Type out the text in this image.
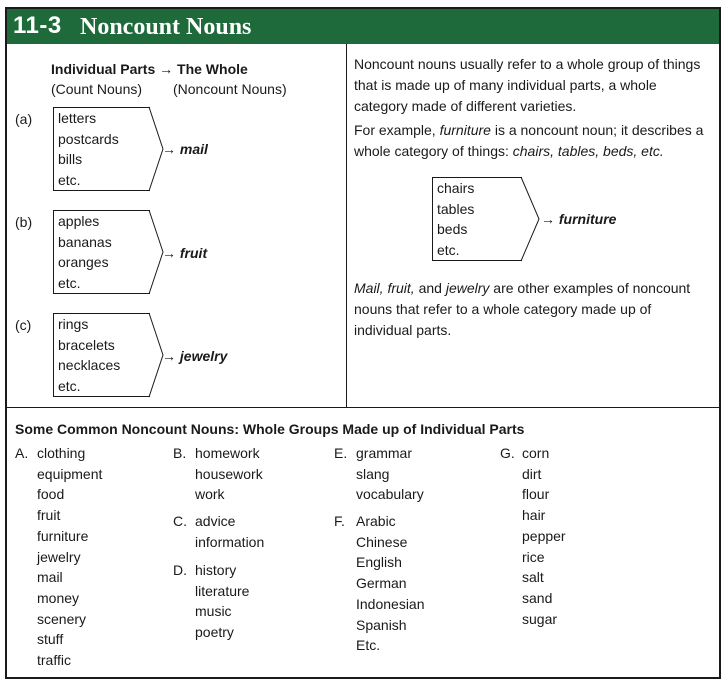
11-3 Noncount Nouns
Individual Parts → The Whole
(Count Nouns) (Noncount Nouns)
(a) letters
postcards
bills
etc.
→ mail
(b) apples
bananas
oranges
etc.
→ fruit
(c) rings
bracelets
necklaces
etc.
→ jewelry
Noncount nouns usually refer to a whole group of things
that is made up of many individual parts, a whole
category made of different varieties.
For example, furniture is a noncount noun; it describes a
whole category of things: chairs, tables, beds, etc.
chairs
tables
beds
etc.
→ furniture
Mail, fruit, and jewelry are other examples of noncount
nouns that refer to a whole category made up of
individual parts.
Some Common Noncount Nouns: Whole Groups Made up of Individual Parts
A. clothing
equipment
food
fruit
furniture
jewelry
mail
money
scenery
stuff
traffic
B. homework
housework
work
C. advice
information
D. history
literature
music
poetry
E. grammar
slang
vocabulary
F. Arabic
Chinese
English
German
Indonesian
Spanish
Etc.
G. corn
dirt
flour
hair
pepper
rice
salt
sand
sugar
